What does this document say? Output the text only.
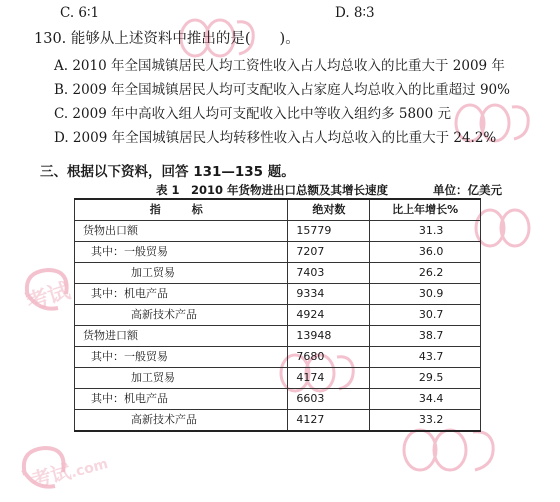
C. 6∶1	D. 8∶3
130. 能够从上述资料中推出的是(　　)。
A. 2010 年全国城镇居民人均工资性收入占人均总收入的比重大于 2009 年
B. 2009 年全国城镇居民人均可支配收入占家庭人均总收入的比重超过 90%
C. 2009 年中高收入组人均可支配收入比中等收入组约多 5800 元
D. 2009 年全国城镇居民人均转移性收入占人均总收入的比重大于 24.2%
三、根据以下资料，回答 131—135 题。
表 1　2010 年货物进出口总额及其增长速度	单位：亿美元
指　标	绝对数	比上年增长%
货物出口额	15779	31.3
其中：一般贸易	7207	36.0
加工贸易	7403	26.2
其中：机电产品	9334	30.9
高新技术产品	4924	30.7
货物进口额	13948	38.7
其中：一般贸易	7680	43.7
加工贸易	4174	29.5
其中：机电产品	6603	34.4
高新技术产品	4127	33.2
考试
考试.com
